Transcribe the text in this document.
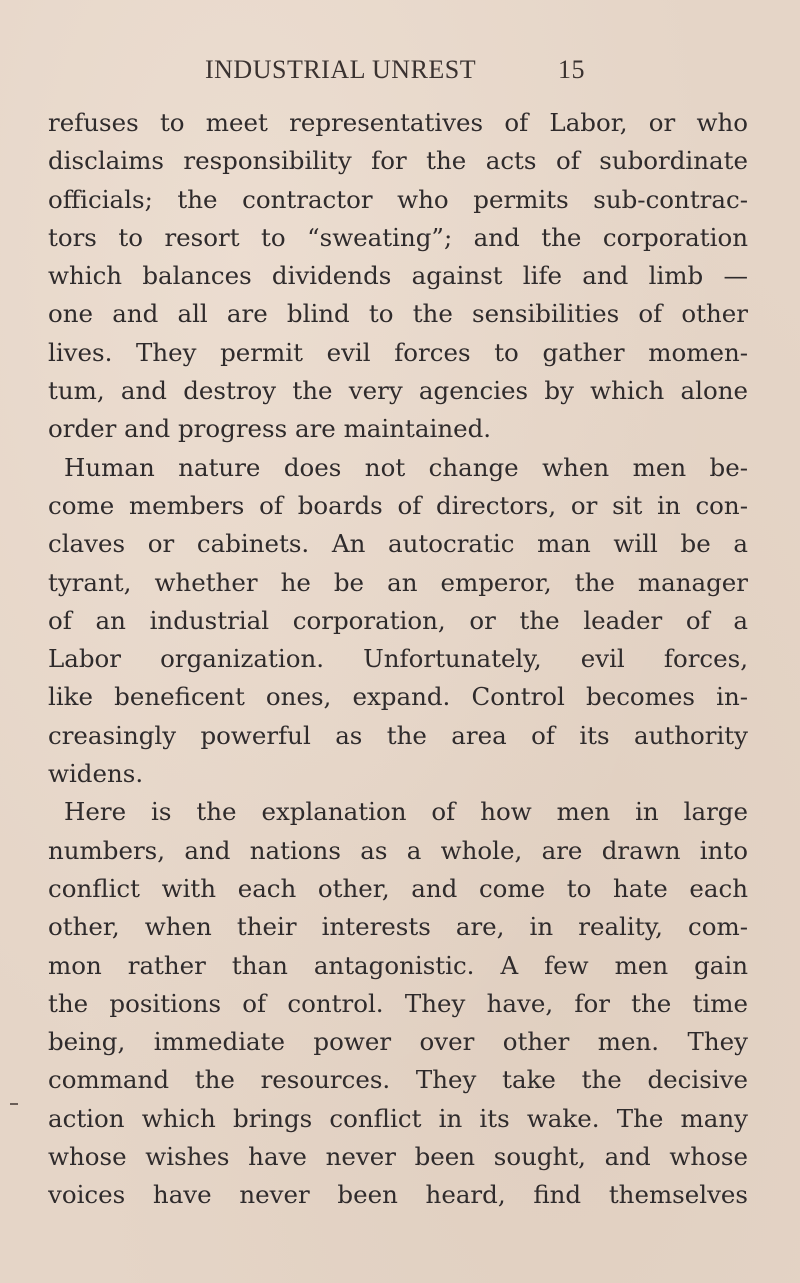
INDUSTRIAL UNREST	15
refuses to meet representatives of Labor, or who
disclaims responsibility for the acts of subordinate
officials; the contractor who permits sub-contrac-
tors to resort to “sweating”; and the corporation
which balances dividends against life and limb —
one and all are blind to the sensibilities of other
lives. They permit evil forces to gather momen-
tum, and destroy the very agencies by which alone
order and progress are maintained.
Human nature does not change when men be-
come members of boards of directors, or sit in con-
claves or cabinets. An autocratic man will be a
tyrant, whether he be an emperor, the manager
of an industrial corporation, or the leader of a
Labor organization. Unfortunately, evil forces,
like beneficent ones, expand. Control becomes in-
creasingly powerful as the area of its authority
widens.
Here is the explanation of how men in large
numbers, and nations as a whole, are drawn into
conflict with each other, and come to hate each
other, when their interests are, in reality, com-
mon rather than antagonistic. A few men gain
the positions of control. They have, for the time
being, immediate power over other men. They
command the resources. They take the decisive
action which brings conflict in its wake. The many
whose wishes have never been sought, and whose
voices have never been heard, find themselves
